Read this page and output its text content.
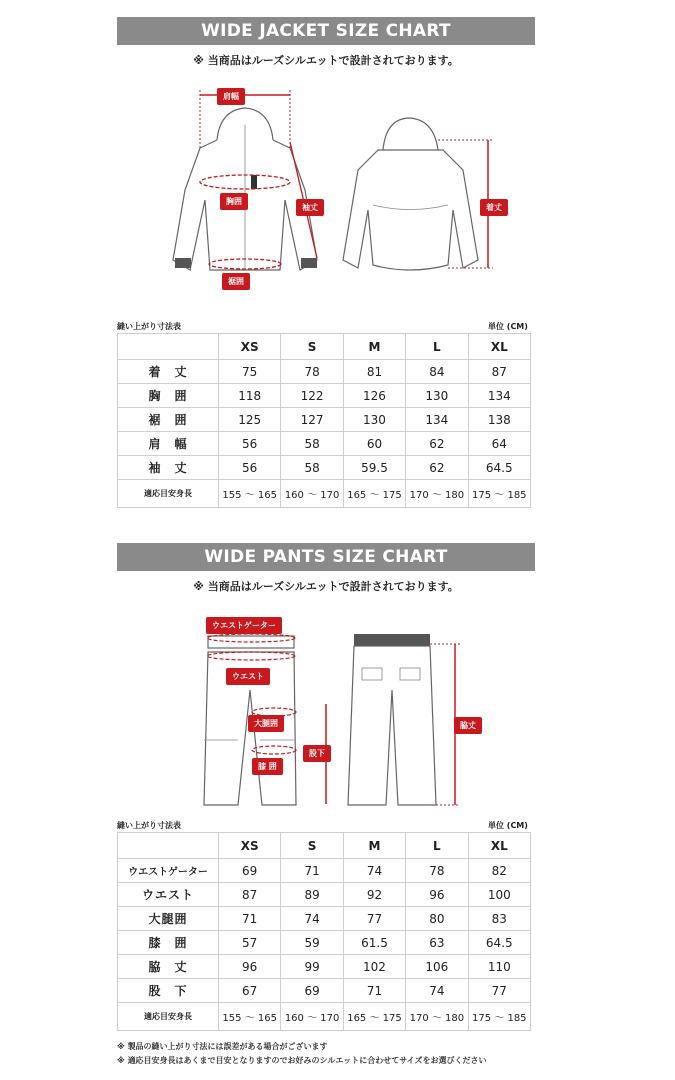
WIDE JACKET SIZE CHART
※ 当商品はルーズシルエットで設計されております。
肩幅
胸囲
裾囲
袖丈	着丈
縫い上がり寸法表	単位 (CM)
	XS	S	M	L	XL
着　丈	75	78	81	84	87
胸　囲	118	122	126	130	134
裾　囲	125	127	130	134	138
肩　幅	56	58	60	62	64
袖　丈	56	58	59.5	62	64.5
適応目安身長	155 〜 165	160 〜 170	165 〜 175	170 〜 180	175 〜 185
WIDE PANTS SIZE CHART
※ 当商品はルーズシルエットで設計されております。
ウエストゲーター
ウエスト
大腿囲
膝 囲
股下
脇丈
縫い上がり寸法表	単位 (CM)
	XS	S	M	L	XL
ウエストゲーター	69	71	74	78	82
ウエスト	87	89	92	96	100
大腿囲	71	74	77	80	83
膝　囲	57	59	61.5	63	64.5
脇　丈	96	99	102	106	110
股　下	67	69	71	74	77
適応目安身長	155 〜 165	160 〜 170	165 〜 175	170 〜 180	175 〜 185
※ 製品の縫い上がり寸法には誤差がある場合がございます
※ 適応目安身長はあくまで目安となりますのでお好みのシルエットに合わせてサイズをお選びください
